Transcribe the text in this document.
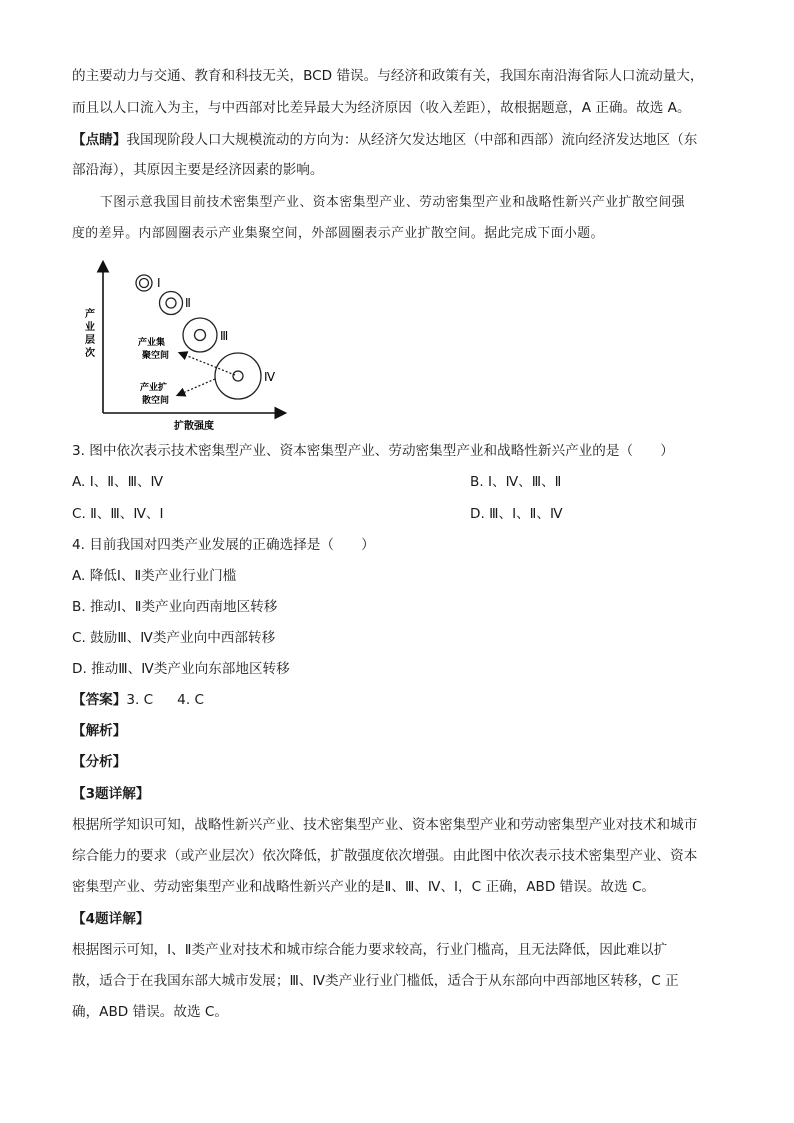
的主要动力与交通、教育和科技无关，BCD 错误。与经济和政策有关，我国东南沿海省际人口流动量大，
而且以人口流入为主，与中西部对比差异最大为经济原因（收入差距），故根据题意，A 正确。故选 A。
【点睛】我国现阶段人口大规模流动的方向为：从经济欠发达地区（中部和西部）流向经济发达地区（东
部沿海），其原因主要是经济因素的影响。
下图示意我国目前技术密集型产业、资本密集型产业、劳动密集型产业和战略性新兴产业扩散空间强
度的差异。内部圆圈表示产业集聚空间，外部圆圈表示产业扩散空间。据此完成下面小题。
产
业
层
次
扩散强度
Ⅰ
Ⅱ
Ⅲ
Ⅳ
产业集
聚空间
产业扩
散空间
3. 图中依次表示技术密集型产业、资本密集型产业、劳动密集型产业和战略性新兴产业的是（　　）
A. Ⅰ、Ⅱ、Ⅲ、Ⅳ	B. Ⅰ、Ⅳ、Ⅲ、Ⅱ
C. Ⅱ、Ⅲ、Ⅳ、Ⅰ	D. Ⅲ、Ⅰ、Ⅱ、Ⅳ
4. 目前我国对四类产业发展的正确选择是（　　）
A. 降低Ⅰ、Ⅱ类产业行业门槛
B. 推动Ⅰ、Ⅱ类产业向西南地区转移
C. 鼓励Ⅲ、Ⅳ类产业向中西部转移
D. 推动Ⅲ、Ⅳ类产业向东部地区转移
【答案】3. C 4. C
【解析】
【分析】
【3题详解】
根据所学知识可知，战略性新兴产业、技术密集型产业、资本密集型产业和劳动密集型产业对技术和城市
综合能力的要求（或产业层次）依次降低，扩散强度依次增强。由此图中依次表示技术密集型产业、资本
密集型产业、劳动密集型产业和战略性新兴产业的是Ⅱ、Ⅲ、Ⅳ、Ⅰ，C 正确，ABD 错误。故选 C。
【4题详解】
根据图示可知，Ⅰ、Ⅱ类产业对技术和城市综合能力要求较高，行业门槛高，且无法降低，因此难以扩
散，适合于在我国东部大城市发展；Ⅲ、Ⅳ类产业行业门槛低，适合于从东部向中西部地区转移，C 正
确，ABD 错误。故选 C。
